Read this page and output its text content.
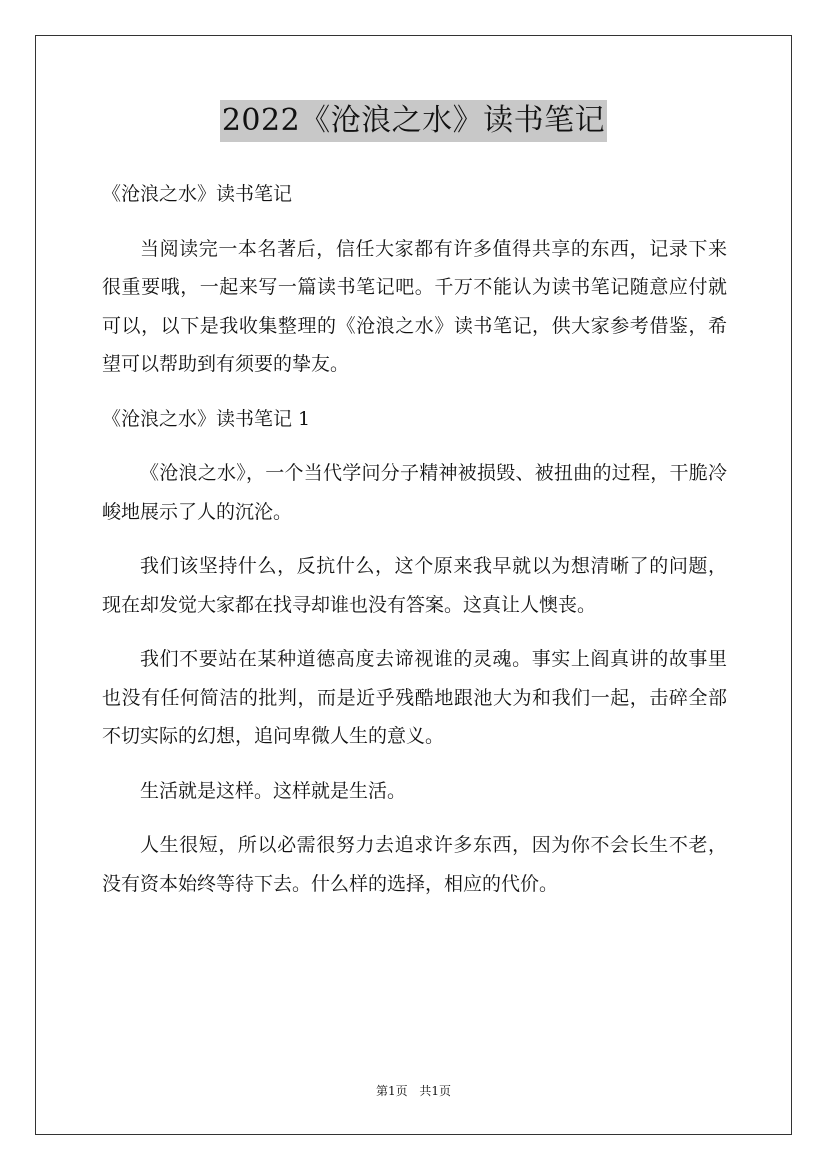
2022《沧浪之水》读书笔记

《沧浪之水》读书笔记

当阅读完一本名著后，信任大家都有许多值得共享的东西，记录下来很重要哦，一起来写一篇读书笔记吧。千万不能认为读书笔记随意应付就可以，以下是我收集整理的《沧浪之水》读书笔记，供大家参考借鉴，希望可以帮助到有须要的挚友。

《沧浪之水》读书笔记 1

《沧浪之水》，一个当代学问分子精神被损毁、被扭曲的过程，干脆冷峻地展示了人的沉沦。

我们该坚持什么，反抗什么，这个原来我早就以为想清晰了的问题，现在却发觉大家都在找寻却谁也没有答案。这真让人懊丧。

我们不要站在某种道德高度去谛视谁的灵魂。事实上阎真讲的故事里也没有任何简洁的批判，而是近乎残酷地跟池大为和我们一起，击碎全部不切实际的幻想，追问卑微人生的意义。

生活就是这样。这样就是生活。

人生很短，所以必需很努力去追求许多东西，因为你不会长生不老，没有资本始终等待下去。什么样的选择，相应的代价。

第1页 共1页
